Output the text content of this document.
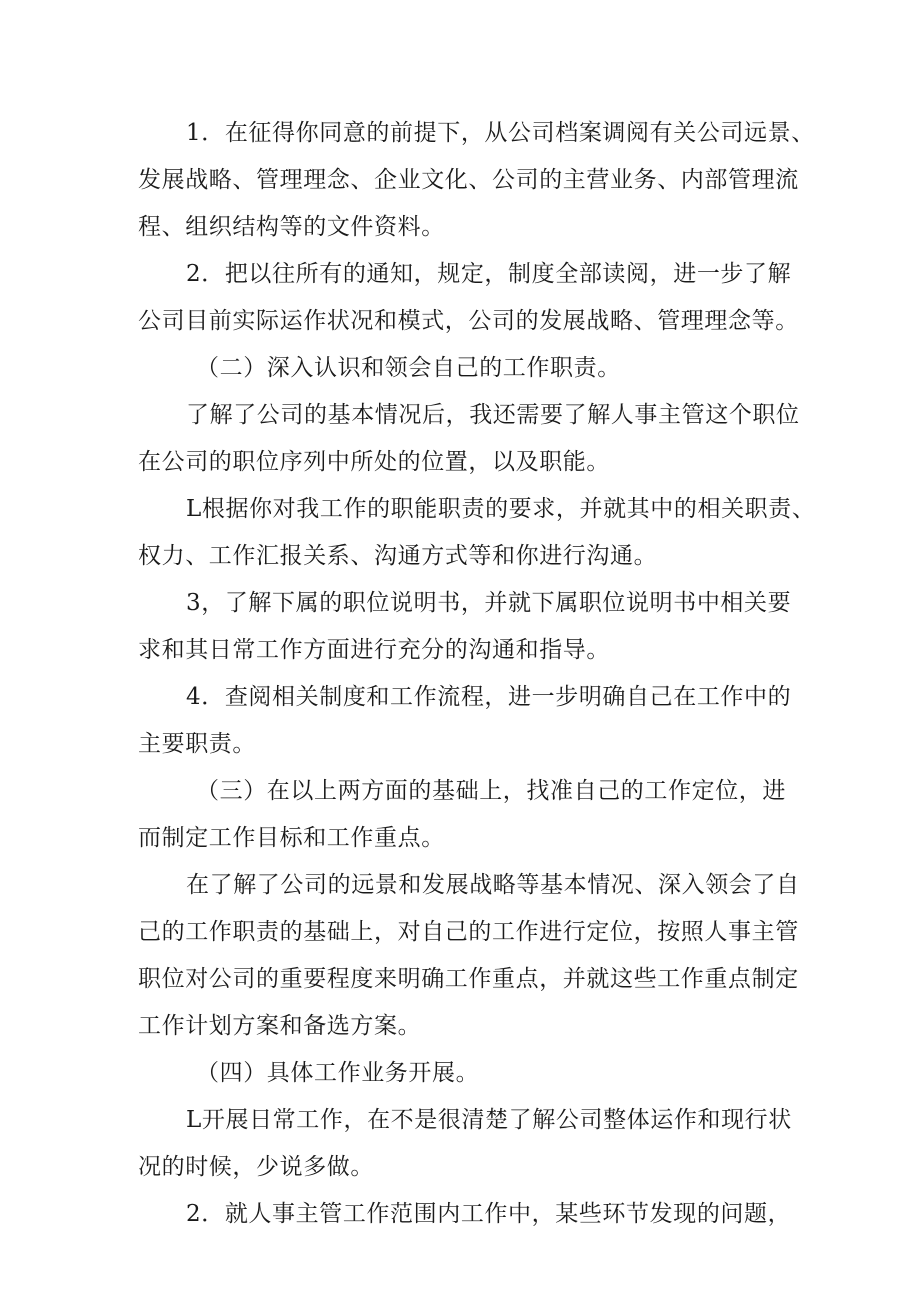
1．在征得你同意的前提下，从公司档案调阅有关公司远景、
发展战略、管理理念、企业文化、公司的主营业务、内部管理流
程、组织结构等的文件资料。
2．把以往所有的通知，规定，制度全部读阅，进一步了解
公司目前实际运作状况和模式，公司的发展战略、管理理念等。
（二）深入认识和领会自己的工作职责。
了解了公司的基本情况后，我还需要了解人事主管这个职位
在公司的职位序列中所处的位置，以及职能。
L根据你对我工作的职能职责的要求，并就其中的相关职责、
权力、工作汇报关系、沟通方式等和你进行沟通。
3，了解下属的职位说明书，并就下属职位说明书中相关要
求和其日常工作方面进行充分的沟通和指导。
4．查阅相关制度和工作流程，进一步明确自己在工作中的
主要职责。
（三）在以上两方面的基础上，找准自己的工作定位，进
而制定工作目标和工作重点。
在了解了公司的远景和发展战略等基本情况、深入领会了自
己的工作职责的基础上，对自己的工作进行定位，按照人事主管
职位对公司的重要程度来明确工作重点，并就这些工作重点制定
工作计划方案和备选方案。
（四）具体工作业务开展。
L开展日常工作，在不是很清楚了解公司整体运作和现行状
况的时候，少说多做。
2．就人事主管工作范围内工作中，某些环节发现的问题，
